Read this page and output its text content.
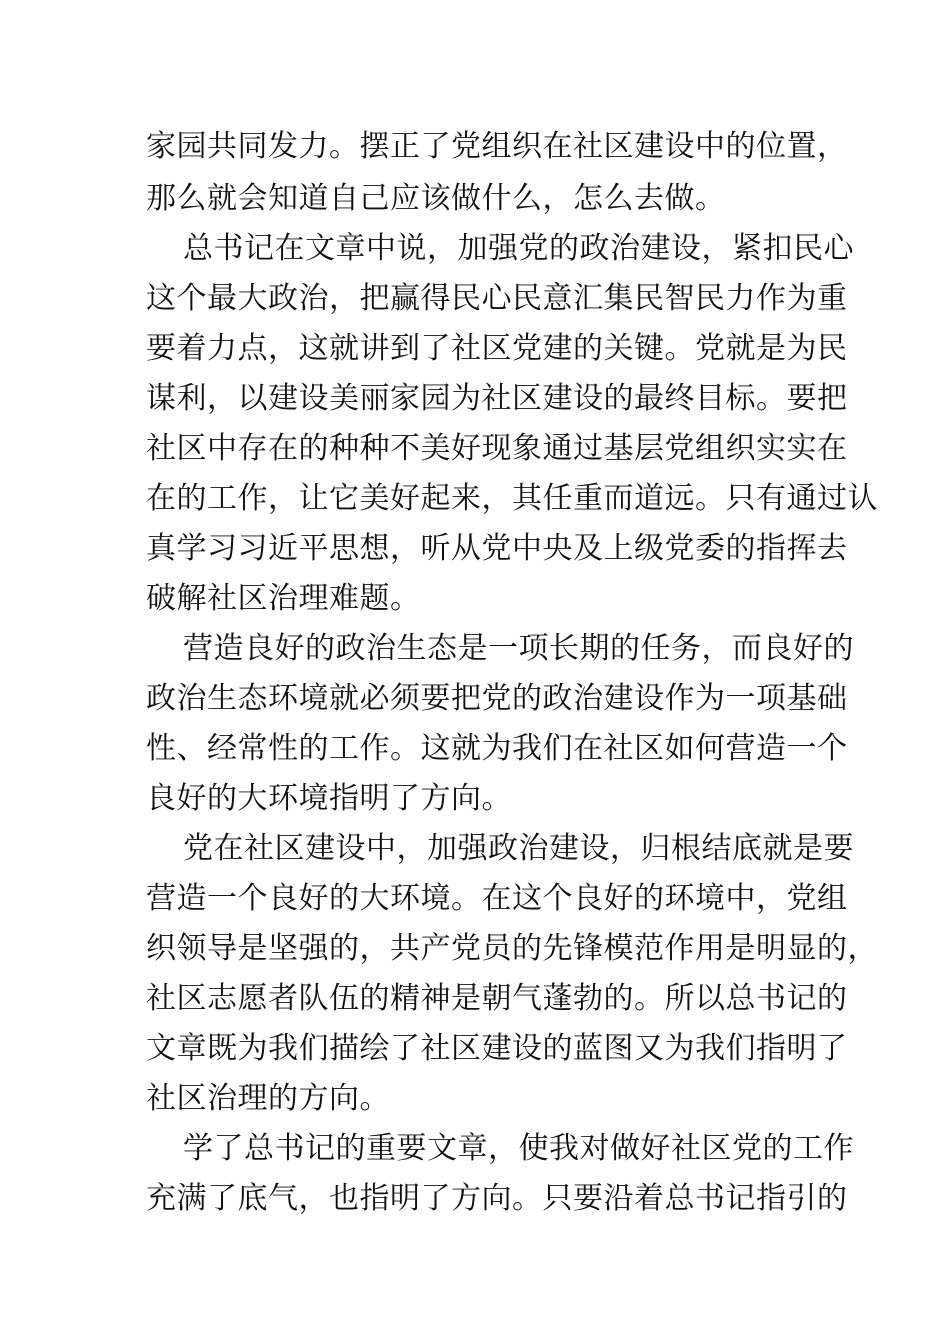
家园共同发力。摆正了党组织在社区建设中的位置，
那么就会知道自己应该做什么，怎么去做。
总书记在文章中说，加强党的政治建设，紧扣民心
这个最大政治，把赢得民心民意汇集民智民力作为重
要着力点，这就讲到了社区党建的关键。党就是为民
谋利，以建设美丽家园为社区建设的最终目标。要把
社区中存在的种种不美好现象通过基层党组织实实在
在的工作，让它美好起来，其任重而道远。只有通过认
真学习习近平思想，听从党中央及上级党委的指挥去
破解社区治理难题。
营造良好的政治生态是一项长期的任务，而良好的
政治生态环境就必须要把党的政治建设作为一项基础
性、经常性的工作。这就为我们在社区如何营造一个
良好的大环境指明了方向。
党在社区建设中，加强政治建设，归根结底就是要
营造一个良好的大环境。在这个良好的环境中，党组
织领导是坚强的，共产党员的先锋模范作用是明显的，
社区志愿者队伍的精神是朝气蓬勃的。所以总书记的
文章既为我们描绘了社区建设的蓝图又为我们指明了
社区治理的方向。
学了总书记的重要文章，使我对做好社区党的工作
充满了底气，也指明了方向。只要沿着总书记指引的
